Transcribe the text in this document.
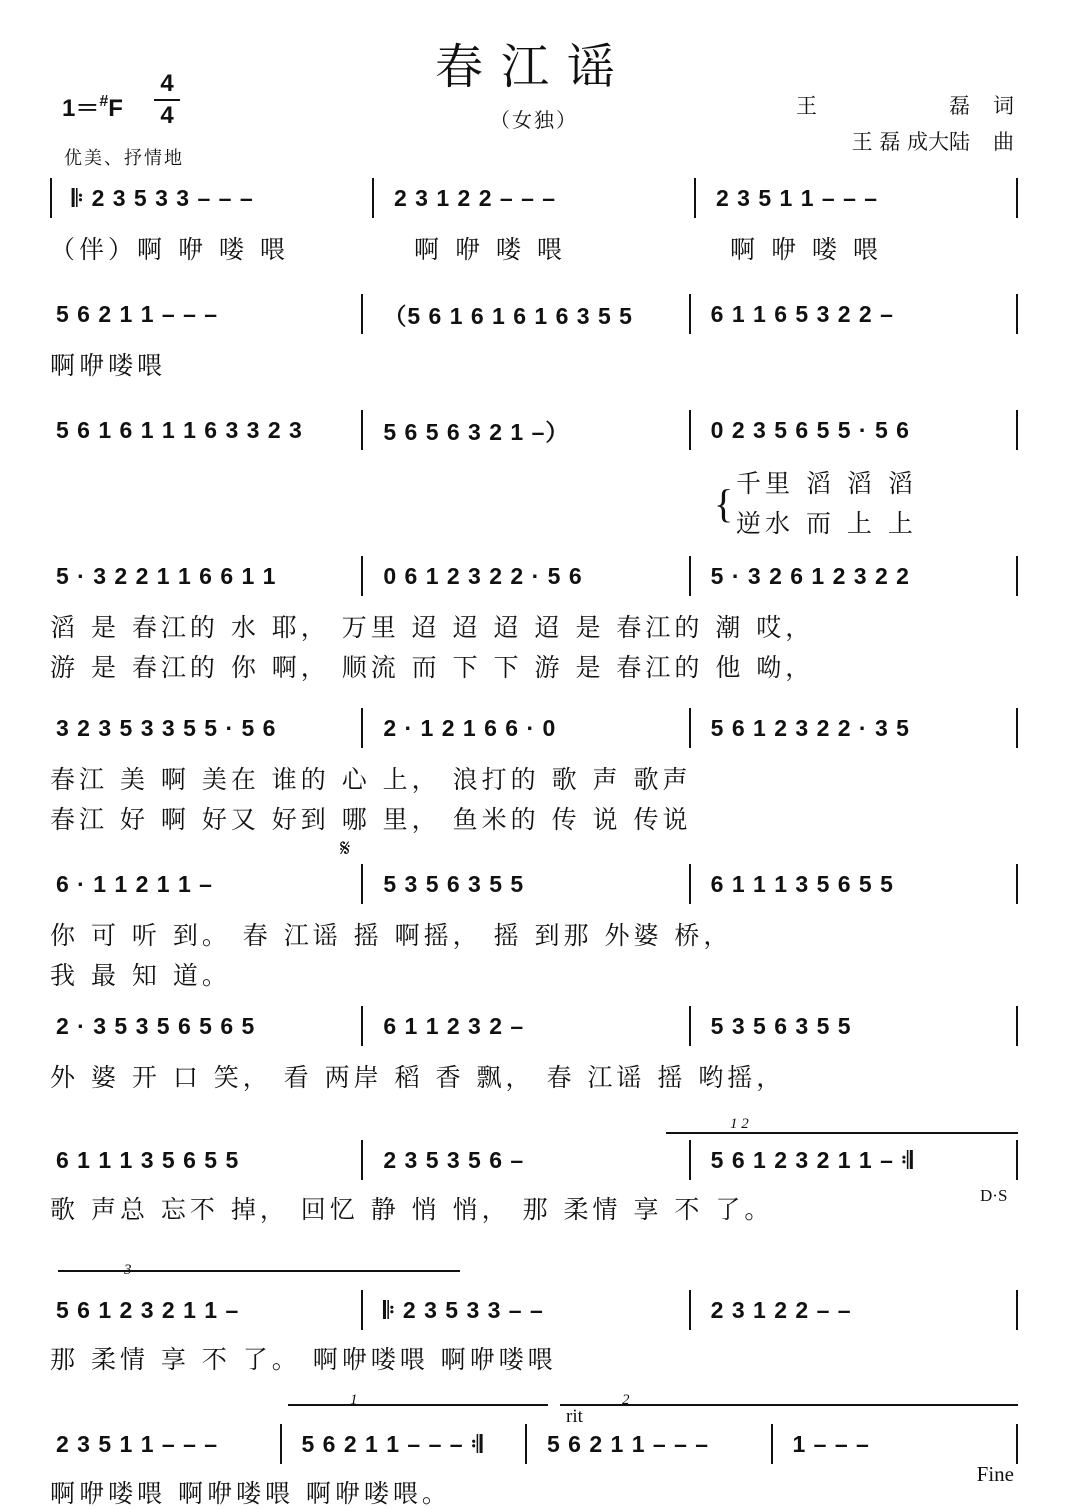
春江谣
（女独）
1＝#F
4
4
优美、抒情地
王	磊	词
王 磊 成大陆	曲
𝄆 2 3 5 3 3 – – –	2 3 1 2 2 – – –	2 3 5 1 1 – – –
（伴）啊 咿 喽 喂	啊 咿 喽 喂	啊 咿 喽 喂
5 6 2 1 1 – – –	（5 6 1 6 1 6 1 6 3 5 5	6 1 1 6 5 3 2 2 –
啊咿喽喂
5 6 1 6 1 1 1 6 3 3 2 3	5 6 5 6 3 2 1 –）	0 2 3 5 6 5 5 · 5 6
{ 千里 滔 滔 滔
逆水 而 上 上
5 · 3 2 2 1 1 6 6 1 1	0 6 1 2 3 2 2 · 5 6	5 · 3 2 6 1 2 3 2 2
滔 是 春江的 水 耶， 万里 迢 迢 迢 迢 是 春江的 潮 哎，
游 是 春江的 你 啊， 顺流 而 下 下 游 是 春江的 他 呦，
3 2 3 5 3 3 5 5 · 5 6	2 · 1 2 1 6 6 · 0	5 6 1 2 3 2 2 · 3 5
春江 美 啊 美在 谁的 心 上， 浪打的 歌 声 歌声
春江 好 啊 好又 好到 哪 里， 鱼米的 传 说 传说
𝄋
6 · 1 1 2 1 1 –	5 3 5 6 3 5 5	6 1 1 1 3 5 6 5 5
你 可 听 到。 春 江谣 摇 啊摇， 摇 到那 外婆 桥，
我 最 知 道。
2 · 3 5 3 5 6 5 6 5	6 1 1 2 3 2 –	5 3 5 6 3 5 5
外 婆 开 口 笑， 看 两岸 稻 香 飘， 春 江谣 摇 哟摇，
1 2
6 1 1 1 3 5 6 5 5	2 3 5 3 5 6 –	5 6 1 2 3 2 1 1 – 𝄇
歌 声总 忘不 掉， 回忆 静 悄 悄， 那 柔情 享 不 了。	D·S
3
5 6 1 2 3 2 1 1 –	𝄆 2 3 5 3 3 – –	2 3 1 2 2 – –
那 柔情 享 不 了。 啊咿喽喂 啊咿喽喂
1	2
rit
2 3 5 1 1 – – –	5 6 2 1 1 – – – 𝄇	5 6 2 1 1 – – –	1 – – –
啊咿喽喂 啊咿喽喂 啊咿喽喂。
Fine
